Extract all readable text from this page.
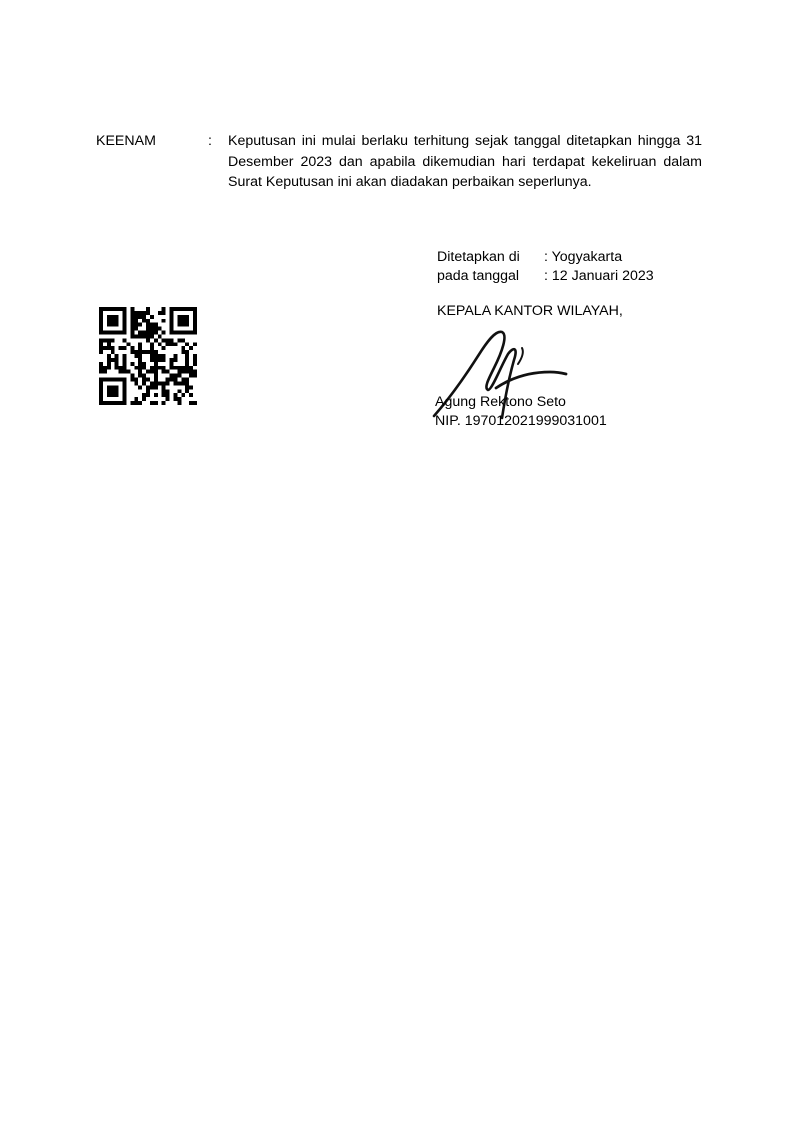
KEENAM	: Keputusan ini mulai berlaku terhitung sejak tanggal ditetapkan hingga 31 Desember 2023 dan apabila dikemudian hari terdapat kekeliruan dalam Surat Keputusan ini akan diadakan perbaikan seperlunya.
Ditetapkan di : Yogyakarta
pada tanggal : 12 Januari 2023
KEPALA KANTOR WILAYAH,
Agung Rektono Seto
NIP. 197012021999031001
